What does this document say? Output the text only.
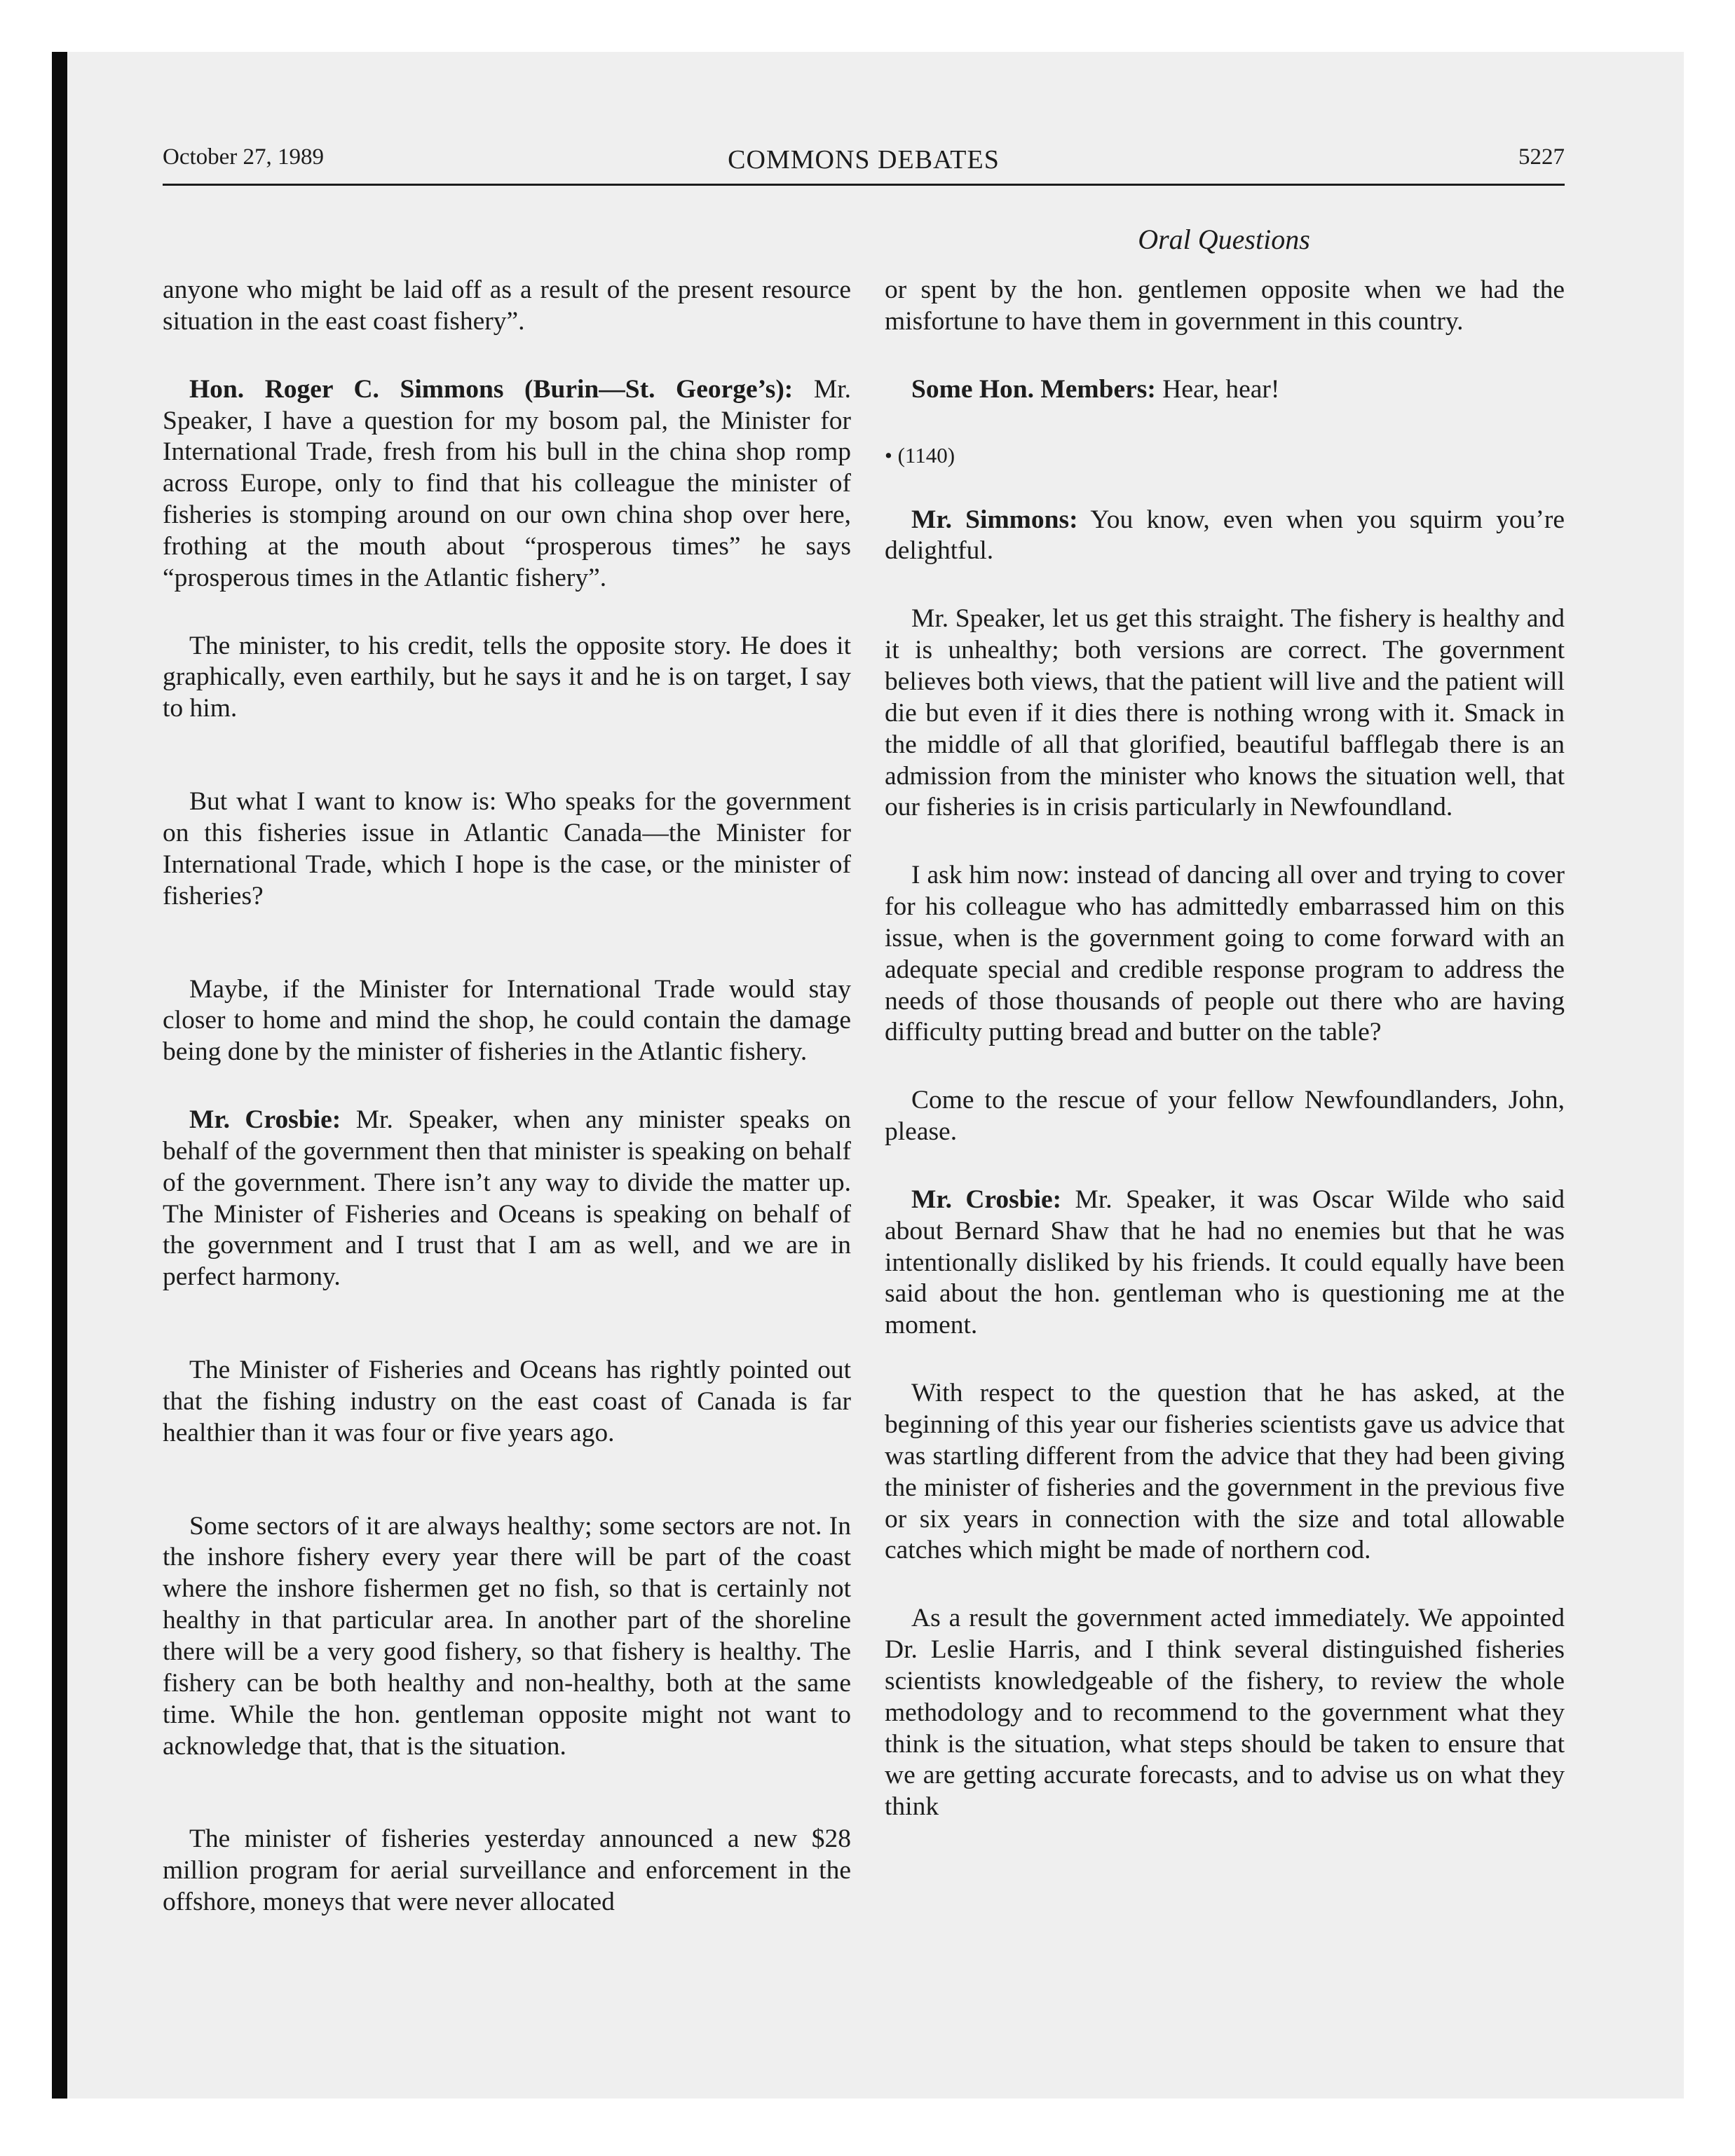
October 27, 1989	COMMONS DEBATES	5227
Oral Questions

anyone who might be laid off as a result of the present resource situation in the east coast fishery”.

Hon. Roger C. Simmons (Burin—St. George’s): Mr. Speaker, I have a question for my bosom pal, the Minister for International Trade, fresh from his bull in the china shop romp across Europe, only to find that his colleague the minister of fisheries is stomping around on our own china shop over here, frothing at the mouth about “prosperous times” he says “prosperous times in the Atlantic fishery”.

The minister, to his credit, tells the opposite story. He does it graphically, even earthily, but he says it and he is on target, I say to him.

But what I want to know is: Who speaks for the government on this fisheries issue in Atlantic Canada—the Minister for International Trade, which I hope is the case, or the minister of fisheries?

Maybe, if the Minister for International Trade would stay closer to home and mind the shop, he could contain the damage being done by the minister of fisheries in the Atlantic fishery.

Mr. Crosbie: Mr. Speaker, when any minister speaks on behalf of the government then that minister is speaking on behalf of the government. There isn’t any way to divide the matter up. The Minister of Fisheries and Oceans is speaking on behalf of the government and I trust that I am as well, and we are in perfect harmony.

The Minister of Fisheries and Oceans has rightly pointed out that the fishing industry on the east coast of Canada is far healthier than it was four or five years ago.

Some sectors of it are always healthy; some sectors are not. In the inshore fishery every year there will be part of the coast where the inshore fishermen get no fish, so that is certainly not healthy in that particular area. In another part of the shoreline there will be a very good fishery, so that fishery is healthy. The fishery can be both healthy and non-healthy, both at the same time. While the hon. gentleman opposite might not want to acknowledge that, that is the situation.

The minister of fisheries yesterday announced a new $28 million program for aerial surveillance and enforcement in the offshore, moneys that were never allocated

or spent by the hon. gentlemen opposite when we had the misfortune to have them in government in this country.

Some Hon. Members: Hear, hear!

• (1140)

Mr. Simmons: You know, even when you squirm you’re delightful.

Mr. Speaker, let us get this straight. The fishery is healthy and it is unhealthy; both versions are correct. The government believes both views, that the patient will live and the patient will die but even if it dies there is nothing wrong with it. Smack in the middle of all that glorified, beautiful bafflegab there is an admission from the minister who knows the situation well, that our fisheries is in crisis particularly in Newfoundland.

I ask him now: instead of dancing all over and trying to cover for his colleague who has admittedly embarrassed him on this issue, when is the government going to come forward with an adequate special and credible response program to address the needs of those thousands of people out there who are having difficulty putting bread and butter on the table?

Come to the rescue of your fellow Newfoundlanders, John, please.

Mr. Crosbie: Mr. Speaker, it was Oscar Wilde who said about Bernard Shaw that he had no enemies but that he was intentionally disliked by his friends. It could equally have been said about the hon. gentleman who is questioning me at the moment.

With respect to the question that he has asked, at the beginning of this year our fisheries scientists gave us advice that was startling different from the advice that they had been giving the minister of fisheries and the government in the previous five or six years in connection with the size and total allowable catches which might be made of northern cod.

As a result the government acted immediately. We appointed Dr. Leslie Harris, and I think several distinguished fisheries scientists knowledgeable of the fishery, to review the whole methodology and to recommend to the government what they think is the situation, what steps should be taken to ensure that we are getting accurate forecasts, and to advise us on what they think
